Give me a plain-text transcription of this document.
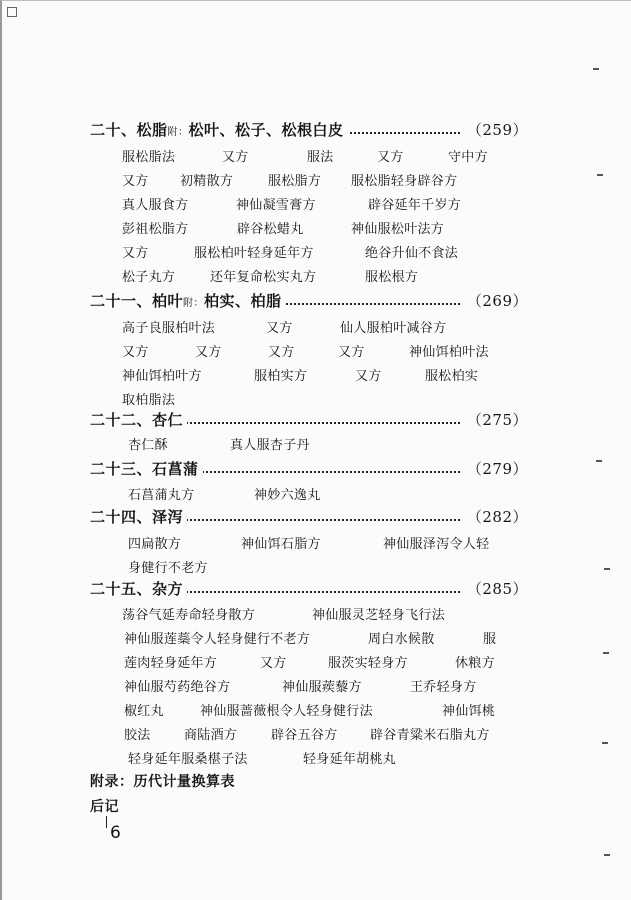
二十、松脂附：松叶、松子、松根白皮	（259）
服松脂法	又方	服法	又方	守中方
又方 初精散方	服松脂方 服松脂轻身辟谷方
真人服食方	神仙凝雪膏方	辟谷延年千岁方
彭祖松脂方	辟谷松蜡丸	神仙服松叶法方
又方	服松柏叶轻身延年方	绝谷升仙不食法
松子丸方	还年复命松实丸方	服松根方
二十一、柏叶附：柏实、柏脂	（269）
高子良服柏叶法	又方	仙人服柏叶减谷方
又方	又方	又方	又方	神仙饵柏叶法
神仙饵柏叶方	服柏实方	又方	服松柏实
取柏脂法
二十二、杏仁	（275）
杏仁酥	真人服杏子丹
二十三、石菖蒲	（279）
石菖蒲丸方	神妙六逸丸
二十四、泽泻	（282）
四扁散方	神仙饵石脂方	神仙服泽泻令人轻
身健行不老方
二十五、杂方	（285）
荡谷气延寿命轻身散方	神仙服灵芝轻身飞行法
神仙服莲蘂令人轻身健行不老方	周白水候散	服
莲肉轻身延年方	又方	服茨实轻身方	休粮方
神仙服芍药绝谷方	神仙服蒺藜方	王乔轻身方
椒红丸	神仙服蔷薇根令人轻身健行法	神仙饵桃
胶法	商陆酒方	辟谷五谷方 辟谷青粱米石脂丸方
轻身延年服桑椹子法	轻身延年胡桃丸
附录：历代计量换算表
后记
6
